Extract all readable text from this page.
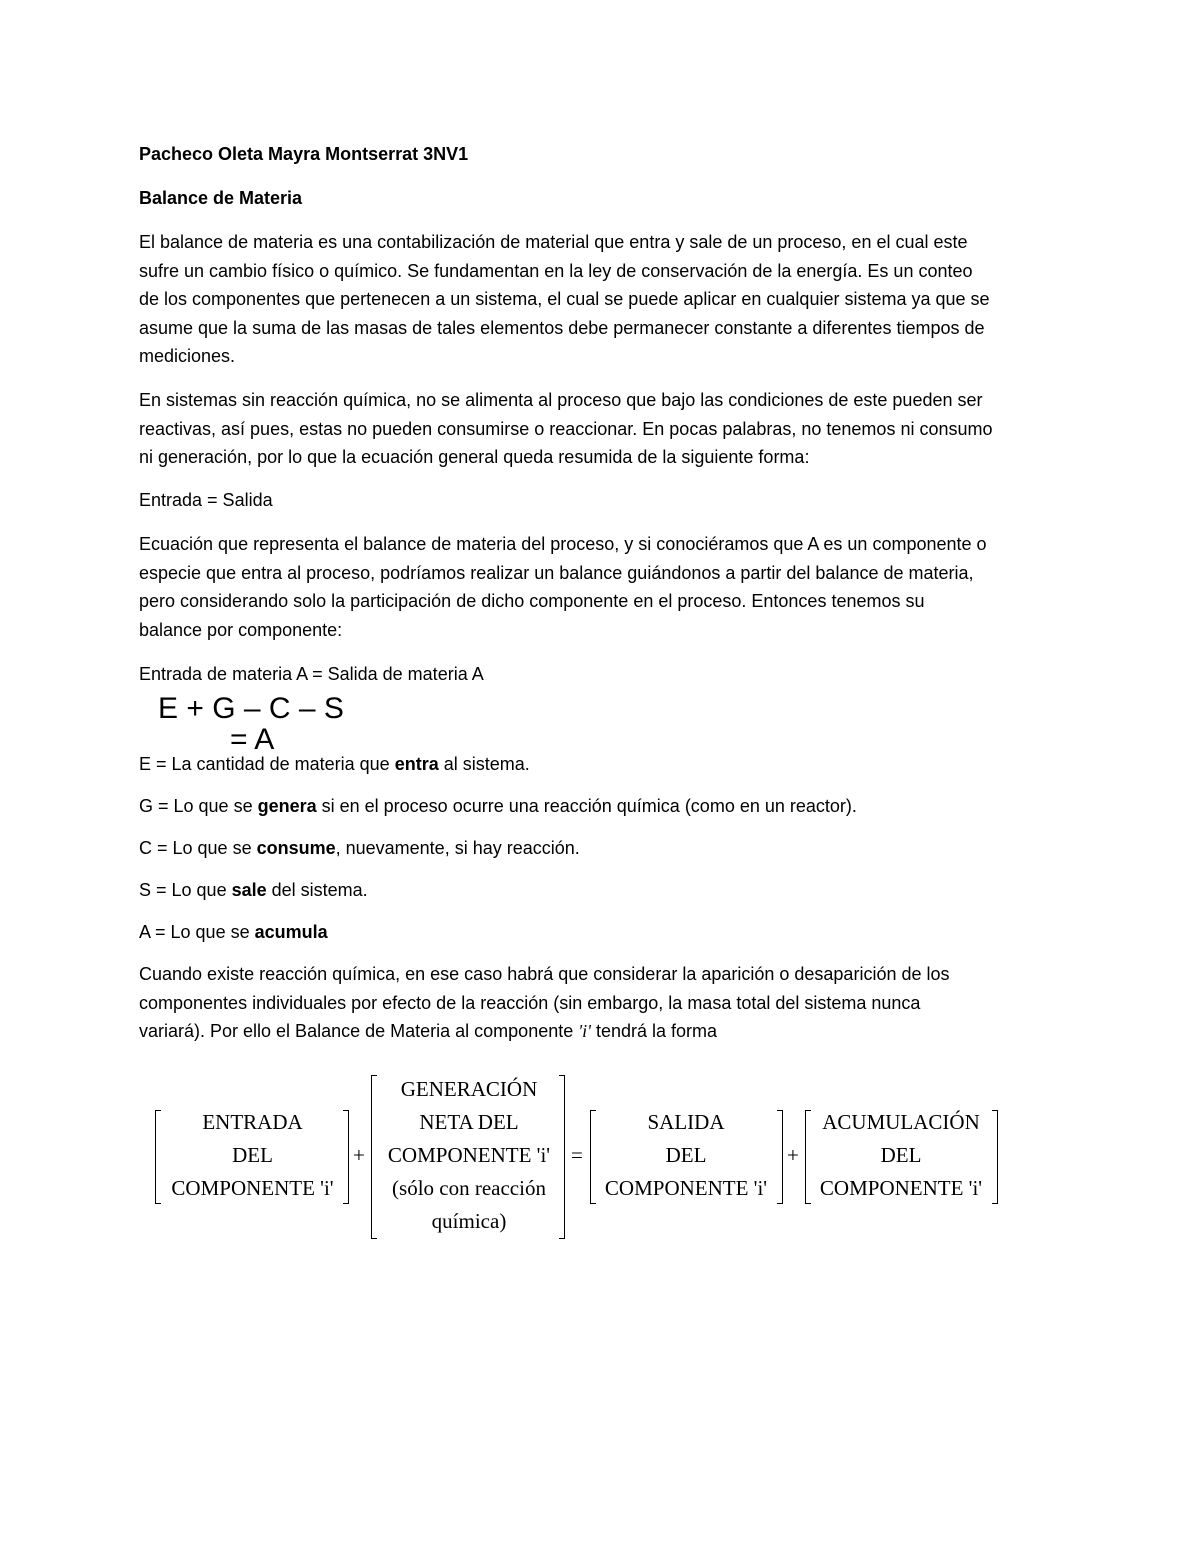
Pacheco Oleta Mayra Montserrat 3NV1
Balance de Materia
El balance de materia es una contabilización de material que entra y sale de un proceso, en el cual este
sufre un cambio físico o químico. Se fundamentan en la ley de conservación de la energía. Es un conteo
de los componentes que pertenecen a un sistema, el cual se puede aplicar en cualquier sistema ya que se
asume que la suma de las masas de tales elementos debe permanecer constante a diferentes tiempos de
mediciones.
En sistemas sin reacción química, no se alimenta al proceso que bajo las condiciones de este pueden ser
reactivas, así pues, estas no pueden consumirse o reaccionar. En pocas palabras, no tenemos ni consumo
ni generación, por lo que la ecuación general queda resumida de la siguiente forma:
Entrada = Salida
Ecuación que representa el balance de materia del proceso, y si conociéramos que A es un componente o
especie que entra al proceso, podríamos realizar un balance guiándonos a partir del balance de materia,
pero considerando solo la participación de dicho componente en el proceso. Entonces tenemos su
balance por componente:
Entrada de materia A = Salida de materia A
E + G – C – S
= A
E = La cantidad de materia que entra al sistema.
G = Lo que se genera si en el proceso ocurre una reacción química (como en un reactor).
C = Lo que se consume, nuevamente, si hay reacción.
S = Lo que sale del sistema.
A = Lo que se acumula
Cuando existe reacción química, en ese caso habrá que considerar la aparición o desaparición de los
componentes individuales por efecto de la reacción (sin embargo, la masa total del sistema nunca
variará). Por ello el Balance de Materia al componente 'i' tendrá la forma
ENTRADA
DEL
COMPONENTE 'i'
+
GENERACIÓN
NETA DEL
COMPONENTE 'i'
(sólo con reacción
química)
=
SALIDA
DEL
COMPONENTE 'i'
+
ACUMULACIÓN
DEL
COMPONENTE 'i'
